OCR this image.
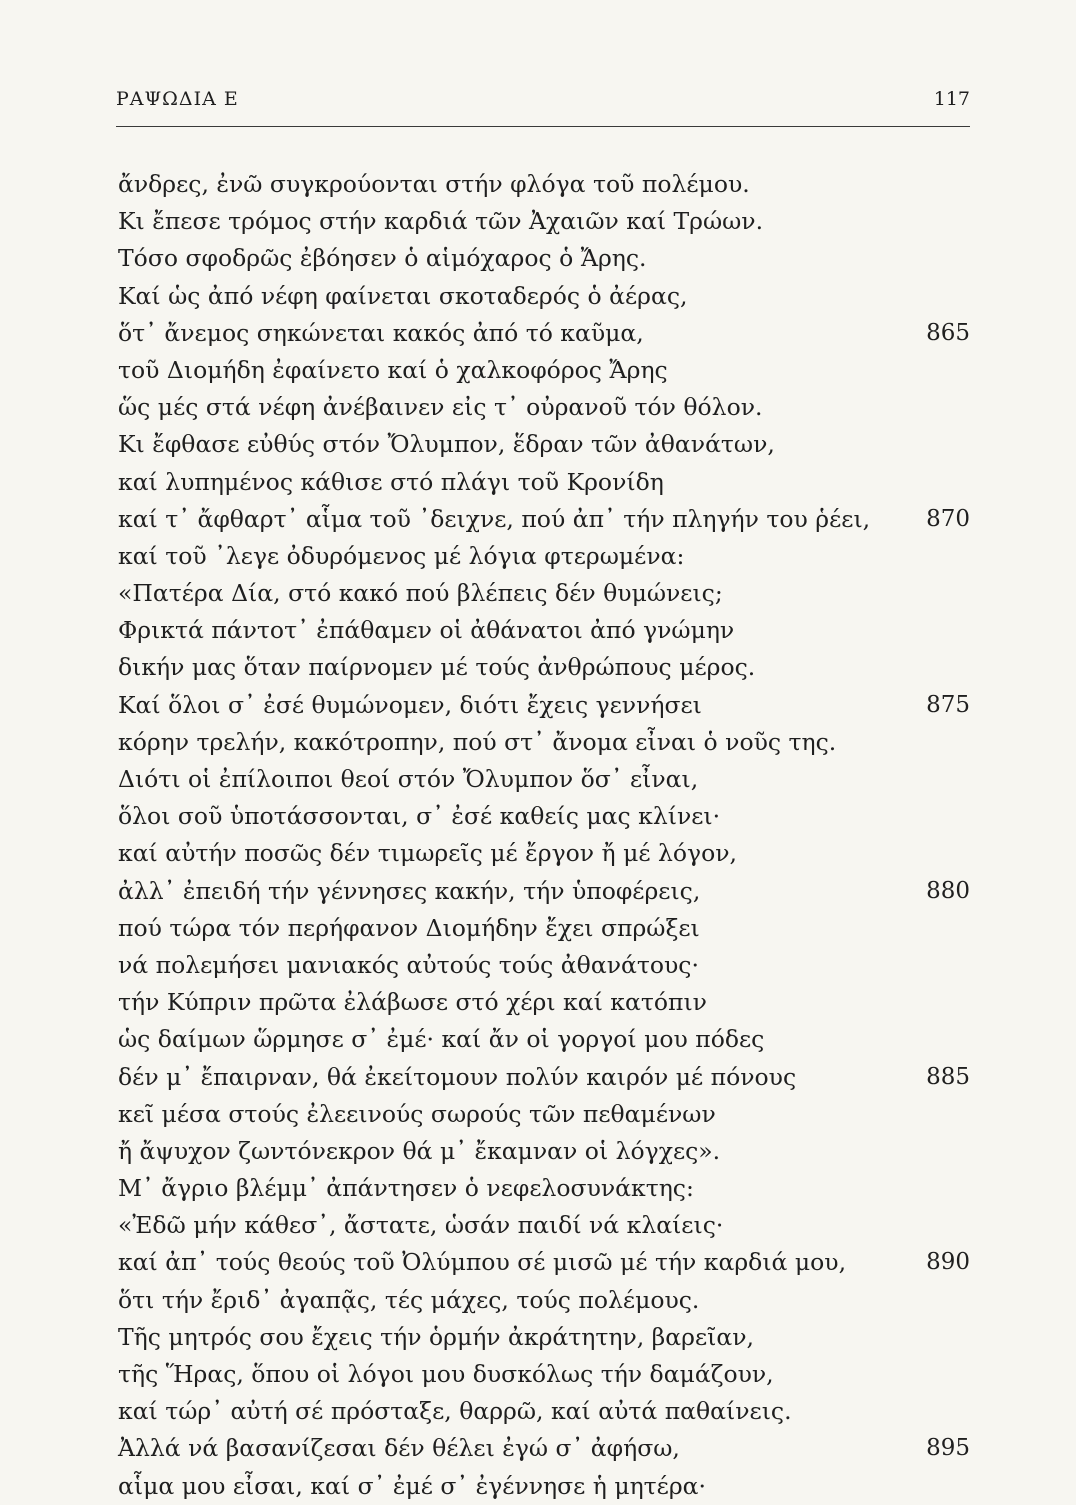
ΡΑΨΩΔΙΑ Ε	117
ἄνδρες, ἐνῶ συγκρούονται στήν φλόγα τοῦ πολέμου.
Κι ἔπεσε τρόμος στήν καρδιά τῶν Ἀχαιῶν καί Τρώων.
Τόσο σφοδρῶς ἐβόησεν ὁ αἱμόχαρος ὁ Ἄρης.
Καί ὡς ἀπό νέφη φαίνεται σκοταδερός ὁ ἀέρας,
ὅτ᾽ ἄνεμος σηκώνεται κακός ἀπό τό καῦμα,	865
τοῦ Διομήδη ἐφαίνετο καί ὁ χαλκοφόρος Ἄρης
ὥς μές στά νέφη ἀνέβαινεν εἰς τ᾽ οὐρανοῦ τόν θόλον.
Κι ἔφθασε εὐθύς στόν Ὄλυμπον, ἕδραν τῶν ἀθανάτων,
καί λυπημένος κάθισε στό πλάγι τοῦ Κρονίδη
καί τ᾽ ἄφθαρτ᾽ αἷμα τοῦ ᾽δειχνε, πού ἀπ᾽ τήν πληγήν του ῥέει, 870
καί τοῦ ᾽λεγε ὀδυρόμενος μέ λόγια φτερωμένα:
«Πατέρα Δία, στό κακό πού βλέπεις δέν θυμώνεις;
Φρικτά πάντοτ᾽ ἐπάθαμεν οἱ ἀθάνατοι ἀπό γνώμην
δικήν μας ὅταν παίρνομεν μέ τούς ἀνθρώπους μέρος.
Καί ὅλοι σ᾽ ἐσέ θυμώνομεν, διότι ἔχεις γεννήσει	875
κόρην τρελήν, κακότροπην, πού στ᾽ ἄνομα εἶναι ὁ νοῦς της.
Διότι οἱ ἐπίλοιποι θεοί στόν Ὄλυμπον ὅσ᾽ εἶναι,
ὅλοι σοῦ ὑποτάσσονται, σ᾽ ἐσέ καθείς μας κλίνει·
καί αὐτήν ποσῶς δέν τιμωρεῖς μέ ἔργον ἤ μέ λόγον,
ἀλλ᾽ ἐπειδή τήν γέννησες κακήν, τήν ὑποφέρεις,	880
πού τώρα τόν περήφανον Διομήδην ἔχει σπρώξει
νά πολεμήσει μανιακός αὐτούς τούς ἀθανάτους·
τήν Κύπριν πρῶτα ἐλάβωσε στό χέρι καί κατόπιν
ὡς δαίμων ὥρμησε σ᾽ ἐμέ· καί ἄν οἱ γοργοί μου πόδες
δέν μ᾽ ἔπαιρναν, θά ἐκείτομουν πολύν καιρόν μέ πόνους	885
κεῖ μέσα στούς ἐλεεινούς σωρούς τῶν πεθαμένων
ἤ ἄψυχον ζωντόνεκρον θά μ᾽ ἔκαμναν οἱ λόγχες».
Μ᾽ ἄγριο βλέμμ᾽ ἀπάντησεν ὁ νεφελοσυνάκτης:
«Ἐδῶ μήν κάθεσ᾽, ἄστατε, ὡσάν παιδί νά κλαίεις·
καί ἀπ᾽ τούς θεούς τοῦ Ὀλύμπου σέ μισῶ μέ τήν καρδιά μου,	890
ὅτι τήν ἔριδ᾽ ἀγαπᾷς, τές μάχες, τούς πολέμους.
Τῆς μητρός σου ἔχεις τήν ὁρμήν ἀκράτητην, βαρεῖαν,
τῆς Ἥρας, ὅπου οἱ λόγοι μου δυσκόλως τήν δαμάζουν,
καί τώρ᾽ αὐτή σέ πρόσταξε, θαρρῶ, καί αὐτά παθαίνεις.
Ἀλλά νά βασανίζεσαι δέν θέλει ἐγώ σ᾽ ἀφήσω,	895
αἷμα μου εἶσαι, καί σ᾽ ἐμέ σ᾽ ἐγέννησε ἡ μητέρα·
